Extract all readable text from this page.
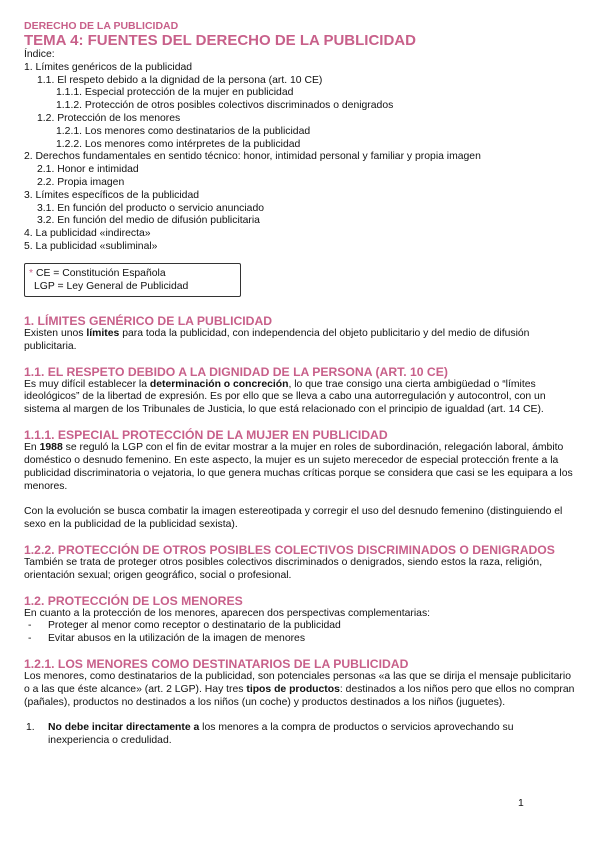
DERECHO DE LA PUBLICIDAD
TEMA 4: FUENTES DEL DERECHO DE LA PUBLICIDAD
Índice:
1. Límites genéricos de la publicidad
1.1. El respeto debido a la dignidad de la persona (art. 10 CE)
1.1.1. Especial protección de la mujer en publicidad
1.1.2. Protección de otros posibles colectivos discriminados o denigrados
1.2. Protección de los menores
1.2.1. Los menores como destinatarios de la publicidad
1.2.2. Los menores como intérpretes de la publicidad
2. Derechos fundamentales en sentido técnico: honor, intimidad personal y familiar y propia imagen
2.1. Honor e intimidad
2.2. Propia imagen
3. Límites específicos de la publicidad
3.1. En función del producto o servicio anunciado
3.2. En función del medio de difusión publicitaria
4. La publicidad «indirecta»
5. La publicidad «subliminal»
* CE = Constitución Española
LGP = Ley General de Publicidad
1. LÍMITES GENÉRICO DE LA PUBLICIDAD
Existen unos límites para toda la publicidad, con independencia del objeto publicitario y del medio de difusión publicitaria.
1.1. EL RESPETO DEBIDO A LA DIGNIDAD DE LA PERSONA (ART. 10 CE)
Es muy difícil establecer la determinación o concreción, lo que trae consigo una cierta ambigüedad o “límites ideológicos” de la libertad de expresión. Es por ello que se lleva a cabo una autorregulación y autocontrol, con un sistema al margen de los Tribunales de Justicia, lo que está relacionado con el principio de igualdad (art. 14 CE).
1.1.1. ESPECIAL PROTECCIÓN DE LA MUJER EN PUBLICIDAD
En 1988 se reguló la LGP con el fin de evitar mostrar a la mujer en roles de subordinación, relegación laboral, ámbito doméstico o desnudo femenino. En este aspecto, la mujer es un sujeto merecedor de especial protección frente a la publicidad discriminatoria o vejatoria, lo que genera muchas críticas porque se considera que casi se les equipara a los menores.
Con la evolución se busca combatir la imagen estereotipada y corregir el uso del desnudo femenino (distinguiendo el sexo en la publicidad de la publicidad sexista).
1.2.2. PROTECCIÓN DE OTROS POSIBLES COLECTIVOS DISCRIMINADOS O DENIGRADOS
También se trata de proteger otros posibles colectivos discriminados o denigrados, siendo estos la raza, religión, orientación sexual; origen geográfico, social o profesional.
1.2. PROTECCIÓN DE LOS MENORES
En cuanto a la protección de los menores, aparecen dos perspectivas complementarias:
- Proteger al menor como receptor o destinatario de la publicidad
- Evitar abusos en la utilización de la imagen de menores
1.2.1. LOS MENORES COMO DESTINATARIOS DE LA PUBLICIDAD
Los menores, como destinatarios de la publicidad, son potenciales personas «a las que se dirija el mensaje publicitario o a las que éste alcance» (art. 2 LGP). Hay tres tipos de productos: destinados a los niños pero que ellos no compran (pañales), productos no destinados a los niños (un coche) y productos destinados a los niños (juguetes).
1. No debe incitar directamente a los menores a la compra de productos o servicios aprovechando su inexperiencia o credulidad.
1
